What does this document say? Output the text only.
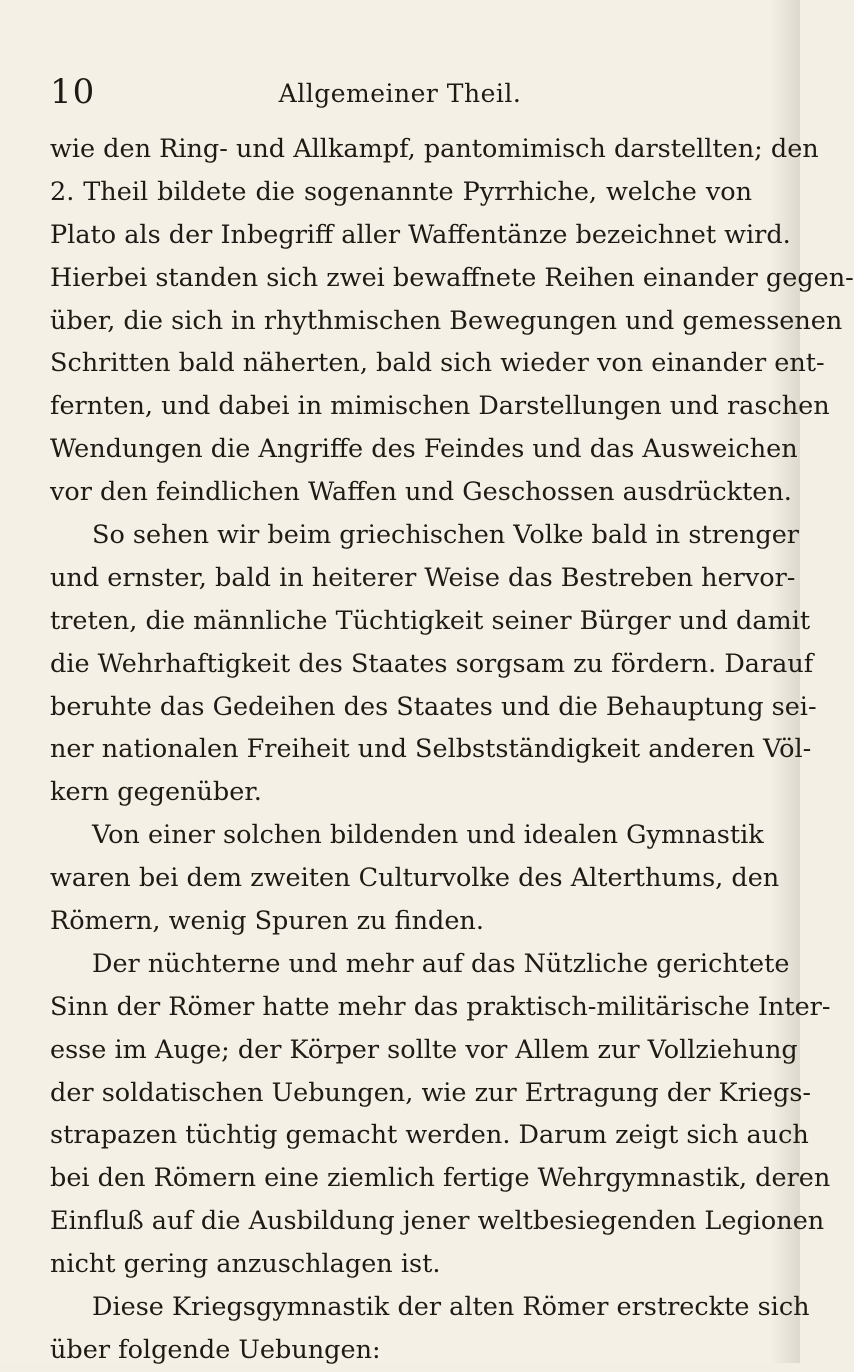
10	Allgemeiner Theil.
wie den Ring- und Allkampf, pantomimisch darstellten; den
2. Theil bildete die sogenannte Pyrrhiche, welche von
Plato als der Inbegriff aller Waffentänze bezeichnet wird.
Hierbei standen sich zwei bewaffnete Reihen einander gegen-
über, die sich in rhythmischen Bewegungen und gemessenen
Schritten bald näherten, bald sich wieder von einander ent-
fernten, und dabei in mimischen Darstellungen und raschen
Wendungen die Angriffe des Feindes und das Ausweichen
vor den feindlichen Waffen und Geschossen ausdrückten.
So sehen wir beim griechischen Volke bald in strenger
und ernster, bald in heiterer Weise das Bestreben hervor-
treten, die männliche Tüchtigkeit seiner Bürger und damit
die Wehrhaftigkeit des Staates sorgsam zu fördern. Darauf
beruhte das Gedeihen des Staates und die Behauptung sei-
ner nationalen Freiheit und Selbstständigkeit anderen Völ-
kern gegenüber.
Von einer solchen bildenden und idealen Gymnastik
waren bei dem zweiten Culturvolke des Alterthums, den
Römern, wenig Spuren zu finden.
Der nüchterne und mehr auf das Nützliche gerichtete
Sinn der Römer hatte mehr das praktisch-militärische Inter-
esse im Auge; der Körper sollte vor Allem zur Vollziehung
der soldatischen Uebungen, wie zur Ertragung der Kriegs-
strapazen tüchtig gemacht werden. Darum zeigt sich auch
bei den Römern eine ziemlich fertige Wehrgymnastik, deren
Einfluß auf die Ausbildung jener weltbesiegenden Legionen
nicht gering anzuschlagen ist.
Diese Kriegsgymnastik der alten Römer erstreckte sich
über folgende Uebungen:
